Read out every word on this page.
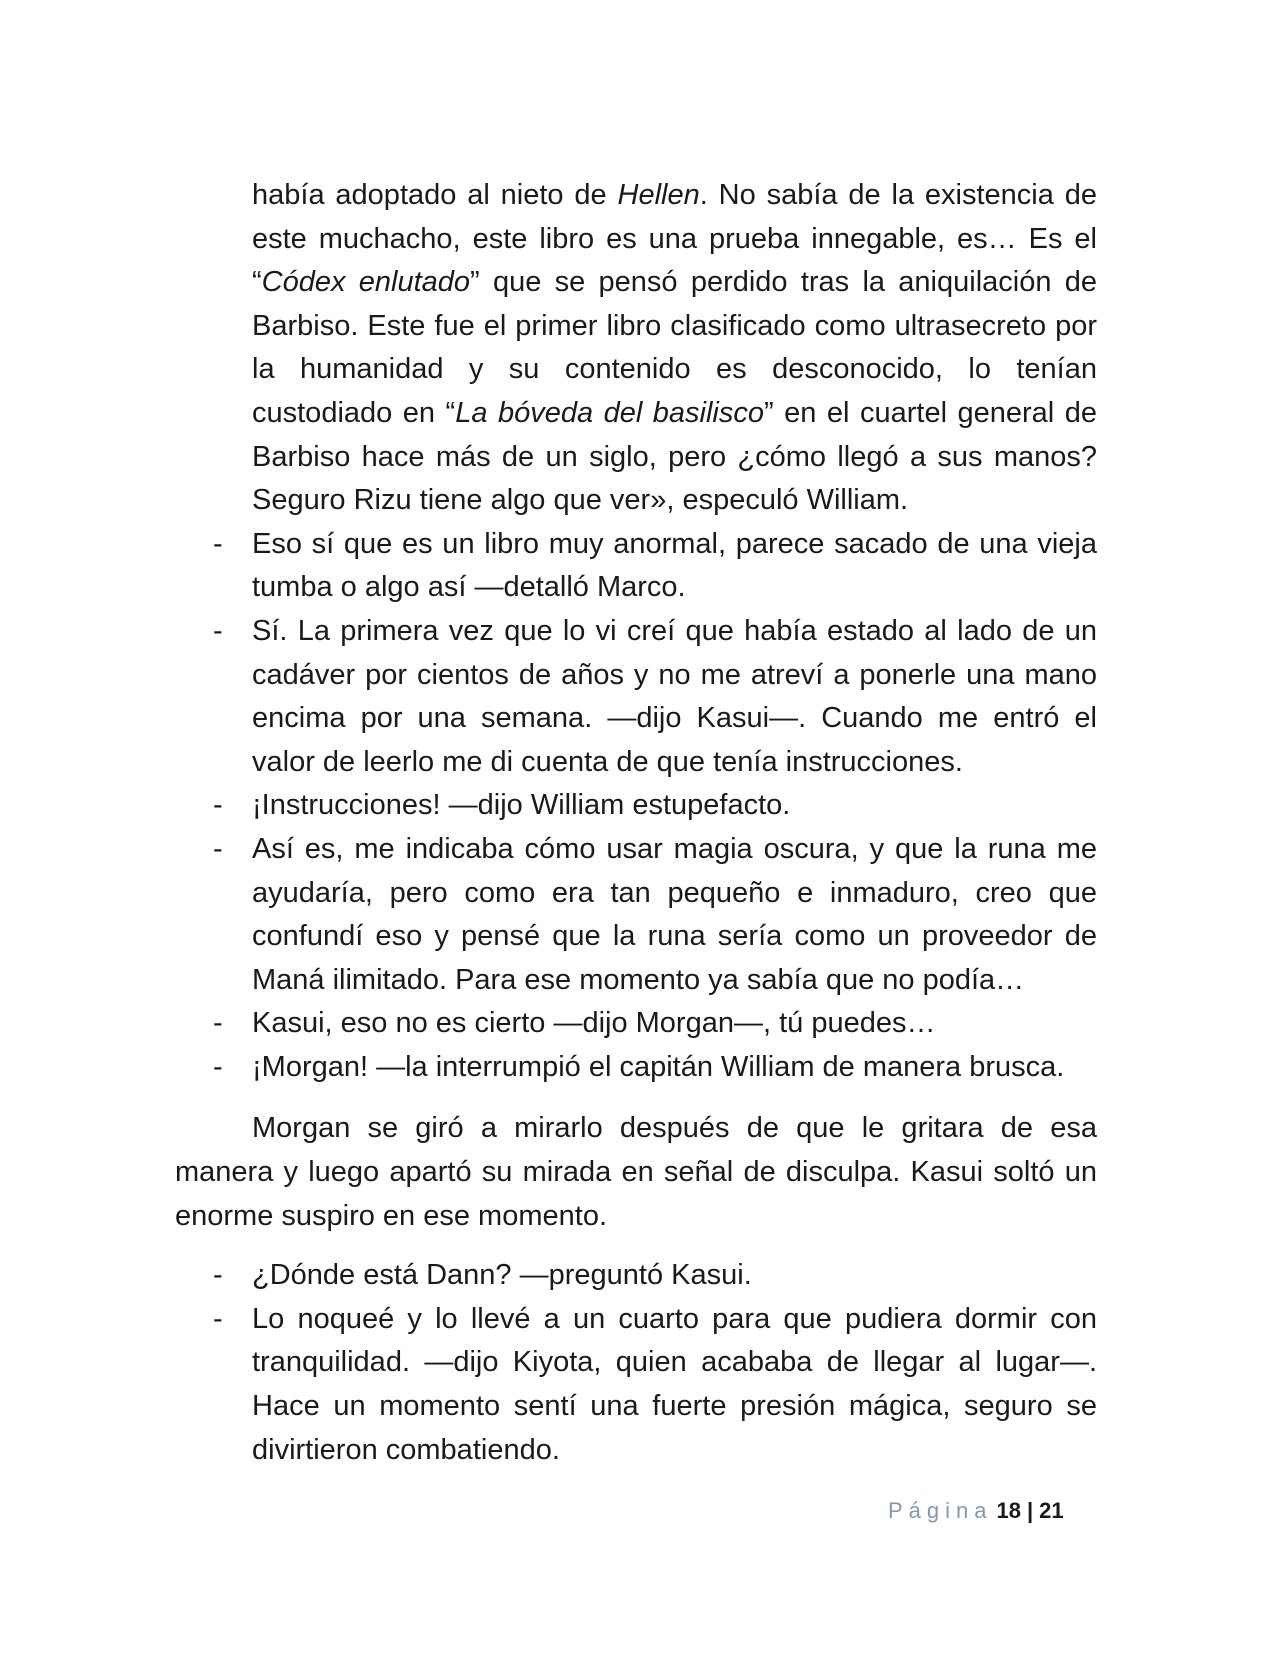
había adoptado al nieto de Hellen. No sabía de la existencia de este muchacho, este libro es una prueba innegable, es… Es el “Códex enlutado” que se pensó perdido tras la aniquilación de Barbiso. Este fue el primer libro clasificado como ultrasecreto por la humanidad y su contenido es desconocido, lo tenían custodiado en “La bóveda del basilisco” en el cuartel general de Barbiso hace más de un siglo, pero ¿cómo llegó a sus manos? Seguro Rizu tiene algo que ver», especuló William.

- Eso sí que es un libro muy anormal, parece sacado de una vieja tumba o algo así —detalló Marco.
- Sí. La primera vez que lo vi creí que había estado al lado de un cadáver por cientos de años y no me atreví a ponerle una mano encima por una semana. —dijo Kasui—. Cuando me entró el valor de leerlo me di cuenta de que tenía instrucciones.
- ¡Instrucciones! —dijo William estupefacto.
- Así es, me indicaba cómo usar magia oscura, y que la runa me ayudaría, pero como era tan pequeño e inmaduro, creo que confundí eso y pensé que la runa sería como un proveedor de Maná ilimitado. Para ese momento ya sabía que no podía…
- Kasui, eso no es cierto —dijo Morgan—, tú puedes…
- ¡Morgan! —la interrumpió el capitán William de manera brusca.

Morgan se giró a mirarlo después de que le gritara de esa manera y luego apartó su mirada en señal de disculpa. Kasui soltó un enorme suspiro en ese momento.

- ¿Dónde está Dann? —preguntó Kasui.
- Lo noqueé y lo llevé a un cuarto para que pudiera dormir con tranquilidad. —dijo Kiyota, quien acababa de llegar al lugar—. Hace un momento sentí una fuerte presión mágica, seguro se divirtieron combatiendo.
Página 18 | 21
